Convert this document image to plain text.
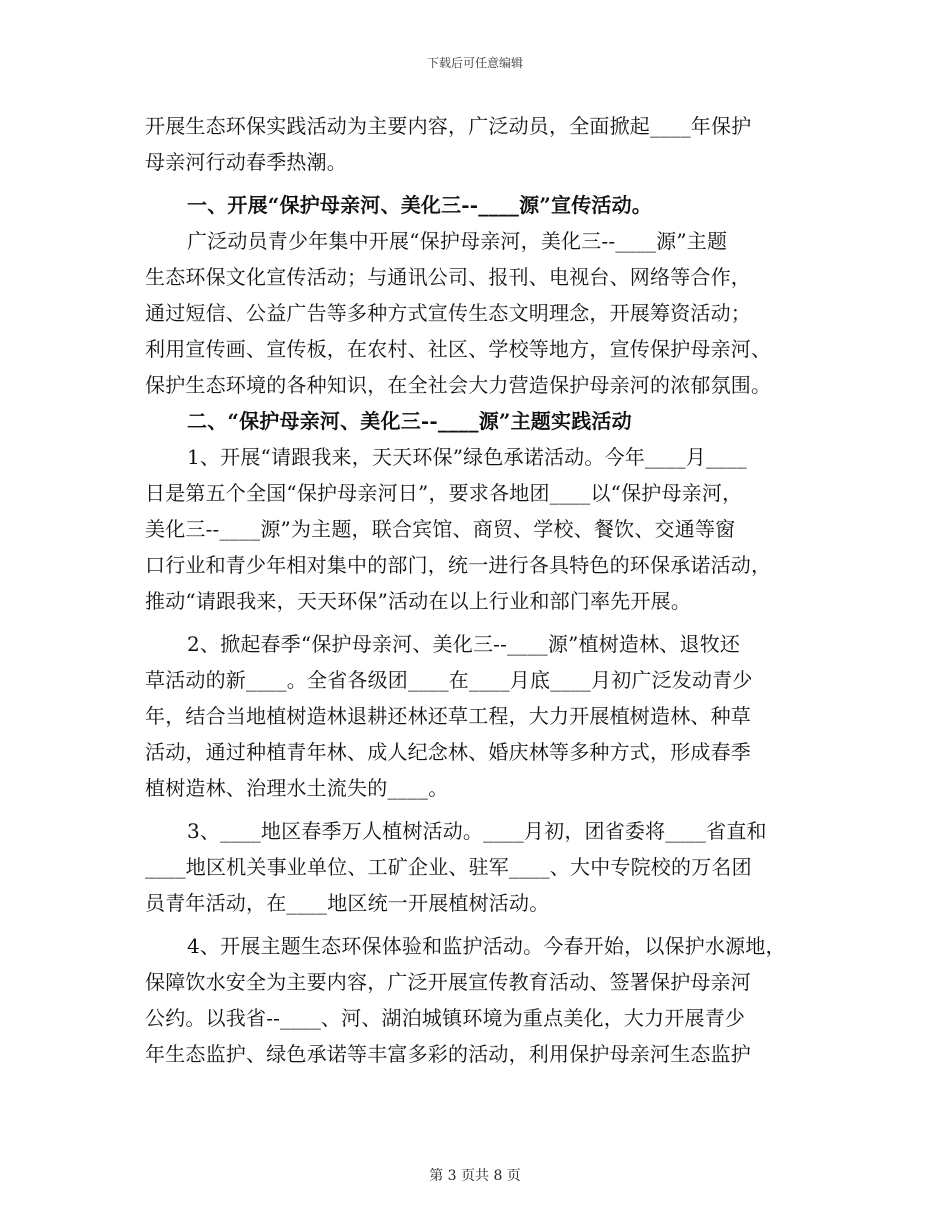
下载后可任意编辑
开展生态环保实践活动为主要内容，广泛动员，全面掀起____年保护
母亲河行动春季热潮。
一、开展“保护母亲河、美化三--____源”宣传活动。
广泛动员青少年集中开展“保护母亲河，美化三--____源”主题
生态环保文化宣传活动；与通讯公司、报刊、电视台、网络等合作，
通过短信、公益广告等多种方式宣传生态文明理念，开展筹资活动；
利用宣传画、宣传板，在农村、社区、学校等地方，宣传保护母亲河、
保护生态环境的各种知识，在全社会大力营造保护母亲河的浓郁氛围。
二、“保护母亲河、美化三--____源”主题实践活动
1、开展“请跟我来，天天环保”绿色承诺活动。今年____月____
日是第五个全国“保护母亲河日”，要求各地团____以“保护母亲河，
美化三--____源”为主题，联合宾馆、商贸、学校、餐饮、交通等窗
口行业和青少年相对集中的部门，统一进行各具特色的环保承诺活动，
推动“请跟我来，天天环保”活动在以上行业和部门率先开展。
2、掀起春季“保护母亲河、美化三--____源”植树造林、退牧还
草活动的新____。全省各级团____在____月底____月初广泛发动青少
年，结合当地植树造林退耕还林还草工程，大力开展植树造林、种草
活动，通过种植青年林、成人纪念林、婚庆林等多种方式，形成春季
植树造林、治理水土流失的____。
3、____地区春季万人植树活动。____月初，团省委将____省直和
____地区机关事业单位、工矿企业、驻军____、大中专院校的万名团
员青年活动，在____地区统一开展植树活动。
4、开展主题生态环保体验和监护活动。今春开始，以保护水源地，
保障饮水安全为主要内容，广泛开展宣传教育活动、签署保护母亲河
公约。以我省--____、河、湖泊城镇环境为重点美化，大力开展青少
年生态监护、绿色承诺等丰富多彩的活动，利用保护母亲河生态监护
第 3 页共 8 页
